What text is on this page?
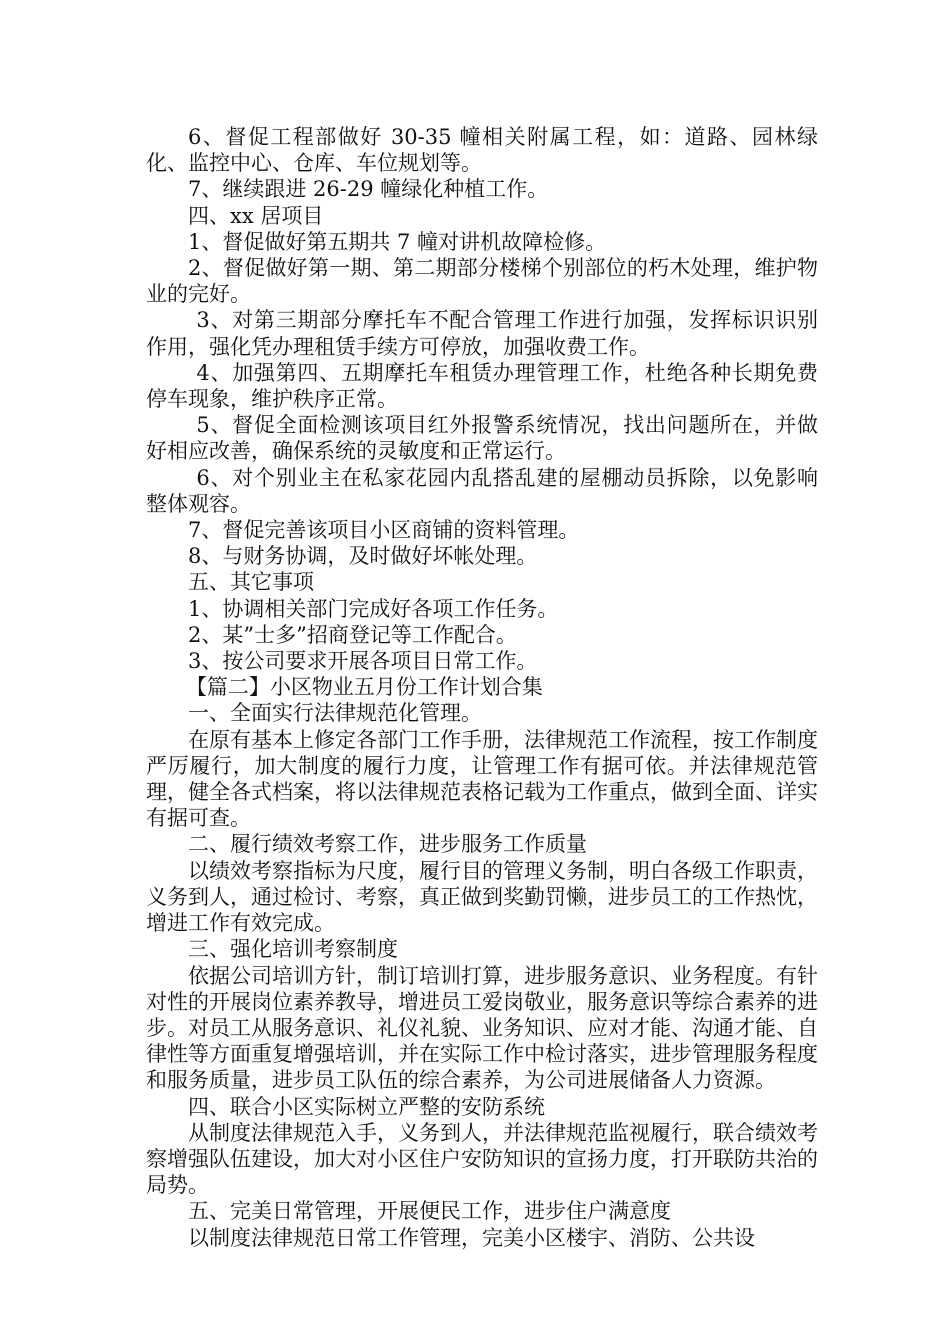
6、督促工程部做好 30-35 幢相关附属工程，如：道路、园林绿化、监控中心、仓库、车位规划等。

7、继续跟进 26-29 幢绿化种植工作。

四、xx 居项目

1、督促做好第五期共 7 幢对讲机故障检修。

2、督促做好第一期、第二期部分楼梯个别部位的朽木处理，维护物业的完好。

3、对第三期部分摩托车不配合管理工作进行加强，发挥标识识别作用，强化凭办理租赁手续方可停放，加强收费工作。

4、加强第四、五期摩托车租赁办理管理工作，杜绝各种长期免费停车现象，维护秩序正常。

5、督促全面检测该项目红外报警系统情况，找出问题所在，并做好相应改善，确保系统的灵敏度和正常运行。

6、对个别业主在私家花园内乱搭乱建的屋棚动员拆除，以免影响整体观容。

7、督促完善该项目小区商铺的资料管理。

8、与财务协调，及时做好坏帐处理。

五、其它事项

1、协调相关部门完成好各项工作任务。

2、某”士多”招商登记等工作配合。

3、按公司要求开展各项目日常工作。

【篇二】小区物业五月份工作计划合集

一、全面实行法律规范化管理。

在原有基本上修定各部门工作手册，法律规范工作流程，按工作制度严厉履行，加大制度的履行力度，让管理工作有据可依。并法律规范管理，健全各式档案，将以法律规范表格记载为工作重点，做到全面、详实有据可查。

二、履行绩效考察工作，进步服务工作质量

以绩效考察指标为尺度，履行目的管理义务制，明白各级工作职责，义务到人，通过检讨、考察，真正做到奖勤罚懒，进步员工的工作热忱，增进工作有效完成。

三、强化培训考察制度

依据公司培训方针，制订培训打算，进步服务意识、业务程度。有针对性的开展岗位素养教导，增进员工爱岗敬业，服务意识等综合素养的进步。对员工从服务意识、礼仪礼貌、业务知识、应对才能、沟通才能、自律性等方面重复增强培训，并在实际工作中检讨落实，进步管理服务程度和服务质量，进步员工队伍的综合素养，为公司进展储备人力资源。

四、联合小区实际树立严整的安防系统

从制度法律规范入手，义务到人，并法律规范监视履行，联合绩效考察增强队伍建设，加大对小区住户安防知识的宣扬力度，打开联防共治的局势。

五、完美日常管理，开展便民工作，进步住户满意度

以制度法律规范日常工作管理，完美小区楼宇、消防、公共设
